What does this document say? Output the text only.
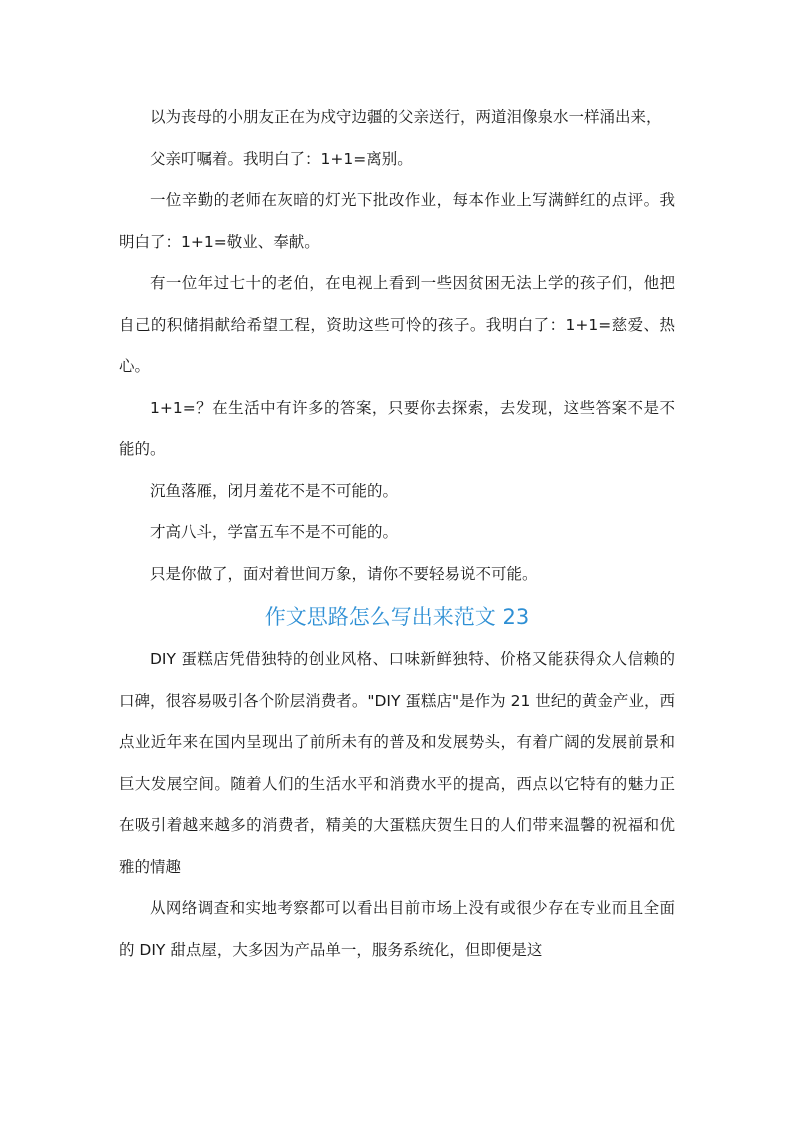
以为丧母的小朋友正在为戍守边疆的父亲送行，两道泪像泉水一样涌出来，

父亲叮嘱着。我明白了：1+1=离别。

一位辛勤的老师在灰暗的灯光下批改作业，每本作业上写满鲜红的点评。我明白了：1+1=敬业、奉献。

有一位年过七十的老伯，在电视上看到一些因贫困无法上学的孩子们，他把自己的积储捐献给希望工程，资助这些可怜的孩子。我明白了：1+1=慈爱、热心。

1+1=？在生活中有许多的答案，只要你去探索，去发现，这些答案不是不能的。

沉鱼落雁，闭月羞花不是不可能的。

才高八斗，学富五车不是不可能的。

只是你做了，面对着世间万象，请你不要轻易说不可能。

作文思路怎么写出来范文 23

DIY 蛋糕店凭借独特的创业风格、口味新鲜独特、价格又能获得众人信赖的口碑，很容易吸引各个阶层消费者。"DIY 蛋糕店"是作为 21 世纪的黄金产业，西点业近年来在国内呈现出了前所未有的普及和发展势头，有着广阔的发展前景和巨大发展空间。随着人们的生活水平和消费水平的提高，西点以它特有的魅力正在吸引着越来越多的消费者，精美的大蛋糕庆贺生日的人们带来温馨的祝福和优雅的情趣

从网络调查和实地考察都可以看出目前市场上没有或很少存在专业而且全面的 DIY 甜点屋，大多因为产品单一，服务系统化，但即便是这
